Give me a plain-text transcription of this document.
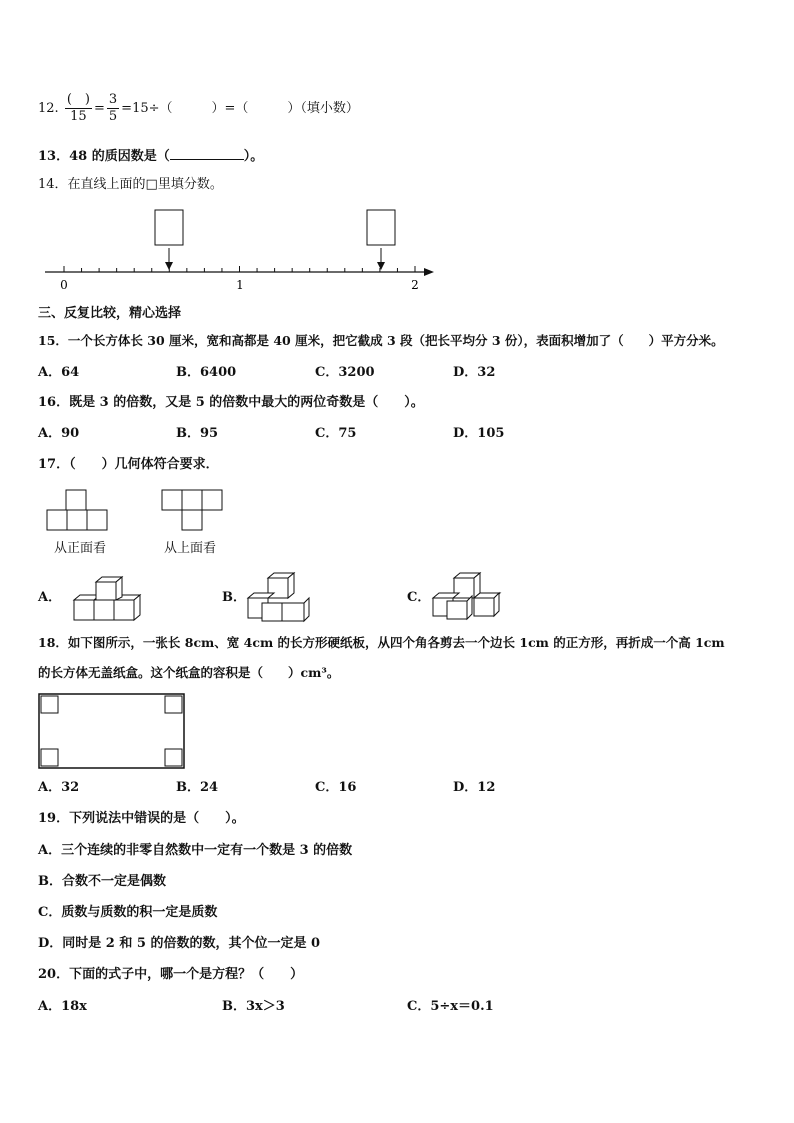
12. $\frac{( )}{15} = \frac{3}{5} =15\div$（　　　）=（　　　）（填小数）
13．48 的质因数是（	）。
14．在直线上面的□里填分数。
0	1	2
三、反复比较，精心选择
15．一个长方体长 30 厘米，宽和高都是 40 厘米，把它截成 3 段（把长平均分 3 份），表面积增加了（　　）平方分米。
A．64	B．6400	C．3200	D．32
16．既是 3 的倍数，又是 5 的倍数中最大的两位奇数是（　　）。
A．90	B．95	C．75	D．105
17．（　　）几何体符合要求．
从正面看	从上面看
A．	B．	C．
18．如下图所示，一张长 8cm、宽 4cm 的长方形硬纸板，从四个角各剪去一个边长 1cm 的正方形，再折成一个高 1cm
的长方体无盖纸盒。这个纸盒的容积是（　　）cm³。
A．32	B．24	C．16	D．12
19．下列说法中错误的是（　　）。
A．三个连续的非零自然数中一定有一个数是 3 的倍数
B．合数不一定是偶数
C．质数与质数的积一定是质数
D．同时是 2 和 5 的倍数的数，其个位一定是 0
20．下面的式子中，哪一个是方程？（　　）
A．18x	B．3x＞3	C．5÷x＝0.1
